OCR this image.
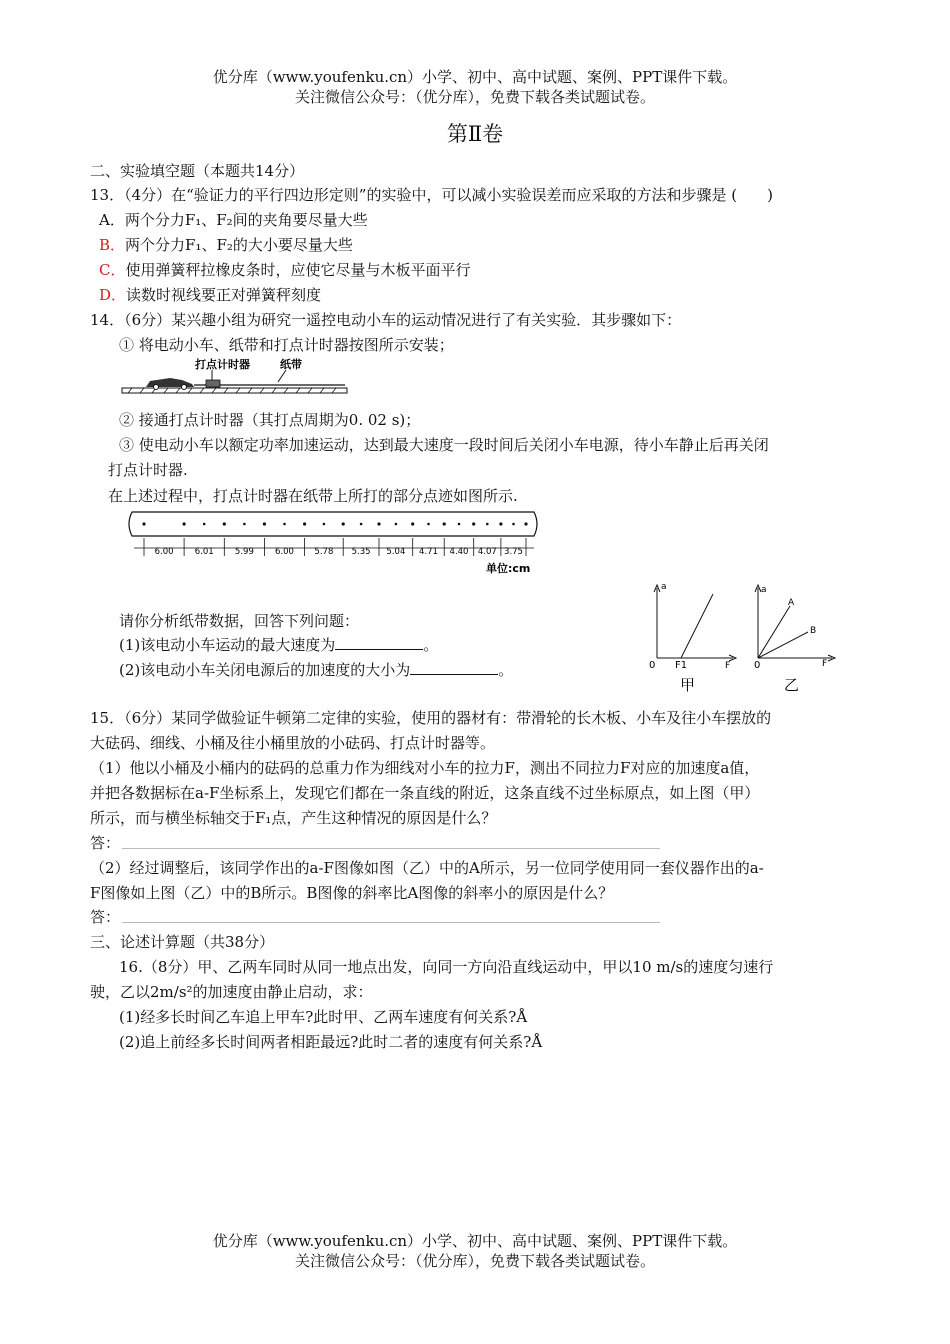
优分库（www.youfenku.cn）小学、初中、高中试题、案例、PPT课件下载。
关注微信公众号：（优分库），免费下载各类试题试卷。
第Ⅱ卷
二、实验填空题（本题共14分）
13．（4分）在“验证力的平行四边形定则”的实验中，可以减小实验误差而应采取的方法和步骤是 (　　)
A．两个分力F₁、F₂间的夹角要尽量大些
B．两个分力F₁、F₂的大小要尽量大些
C．使用弹簧秤拉橡皮条时，应使它尽量与木板平面平行
D．读数时视线要正对弹簧秤刻度
14．（6分）某兴趣小组为研究一遥控电动小车的运动情况进行了有关实验．其步骤如下：
① 将电动小车、纸带和打点计时器按图所示安装；
打点计时器	纸带
② 接通打点计时器（其打点周期为0. 02 s)；
③ 使电动小车以额定功率加速运动，达到最大速度一段时间后关闭小车电源，待小车静止后再关闭
打点计时器.
在上述过程中，打点计时器在纸带上所打的部分点迹如图所示.
6.00 6.01	5.99 6.00 5.78 5.35 5.04 4.71 4.40 4.07 3.75
单位:cm
请你分析纸带数据，回答下列问题：
(1)该电动小车运动的最大速度为	。
(2)该电动小车关闭电源后的加速度的大小为	。
a
0 F1	F
甲
a
A
B
0	F
乙
15．（6分）某同学做验证牛顿第二定律的实验，使用的器材有：带滑轮的长木板、小车及往小车摆放的
大砝码、细线、小桶及往小桶里放的小砝码、打点计时器等。
（1）他以小桶及小桶内的砝码的总重力作为细线对小车的拉力F，测出不同拉力F对应的加速度a值，
并把各数据标在a-F坐标系上，发现它们都在一条直线的附近，这条直线不过坐标原点，如上图（甲）
所示，而与横坐标轴交于F₁点，产生这种情况的原因是什么？
答：
（2）经过调整后，该同学作出的a-F图像如图（乙）中的A所示，另一位同学使用同一套仪器作出的a-
F图像如上图（乙）中的B所示。B图像的斜率比A图像的斜率小的原因是什么？
答：
三、论述计算题（共38分）
16.（8分）甲、乙两车同时从同一地点出发，向同一方向沿直线运动中，甲以10 m/s的速度匀速行
驶，乙以2m/s²的加速度由静止启动，求：
(1)经多长时间乙车追上甲车?此时甲、乙两车速度有何关系?Å
(2)追上前经多长时间两者相距最远?此时二者的速度有何关系?Å
优分库（www.youfenku.cn）小学、初中、高中试题、案例、PPT课件下载。
关注微信公众号：（优分库），免费下载各类试题试卷。
